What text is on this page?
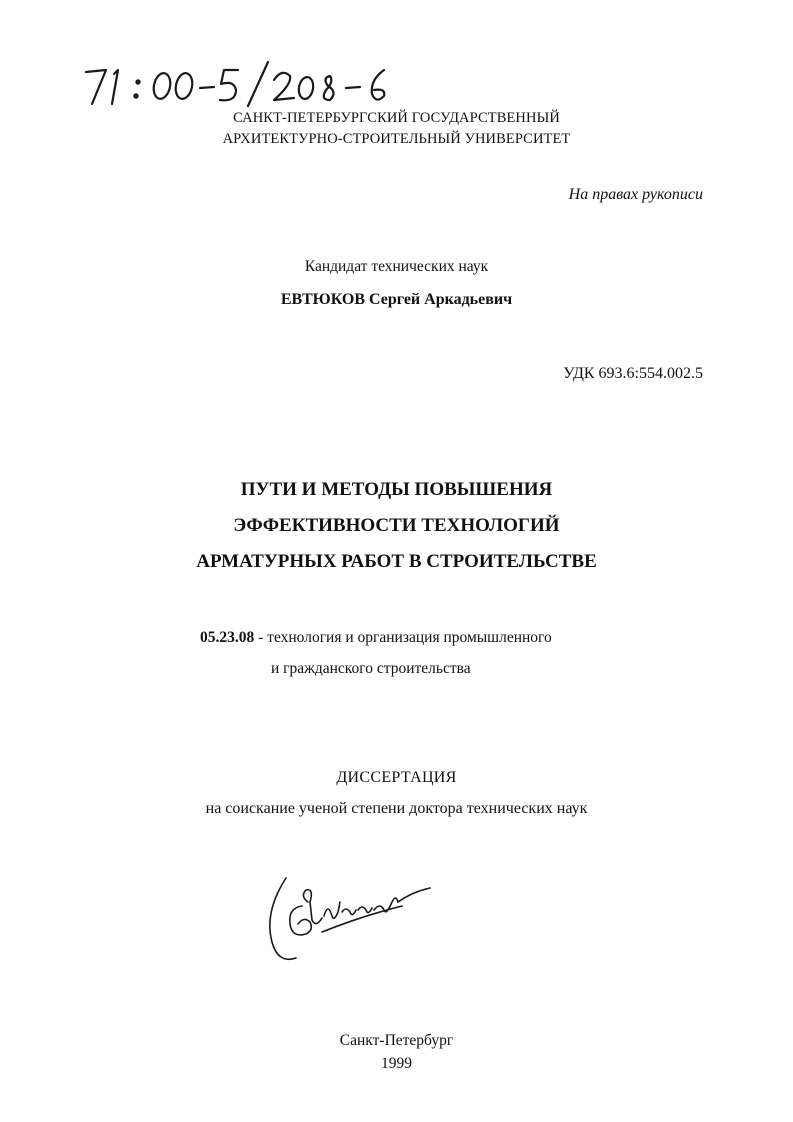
САНКТ-ПЕТЕРБУРГСКИЙ ГОСУДАРСТВЕННЫЙ
АРХИТЕКТУРНО-СТРОИТЕЛЬНЫЙ УНИВЕРСИТЕТ
На правах рукописи
Кандидат технических наук
ЕВТЮКОВ Сергей Аркадьевич
УДК 693.6:554.002.5
ПУТИ И МЕТОДЫ ПОВЫШЕНИЯ
ЭФФЕКТИВНОСТИ ТЕХНОЛОГИЙ
АРМАТУРНЫХ РАБОТ В СТРОИТЕЛЬСТВЕ
05.23.08 - технология и организация промышленного
и гражданского строительства
ДИССЕРТАЦИЯ
на соискание ученой степени доктора технических наук
Санкт-Петербург
1999
